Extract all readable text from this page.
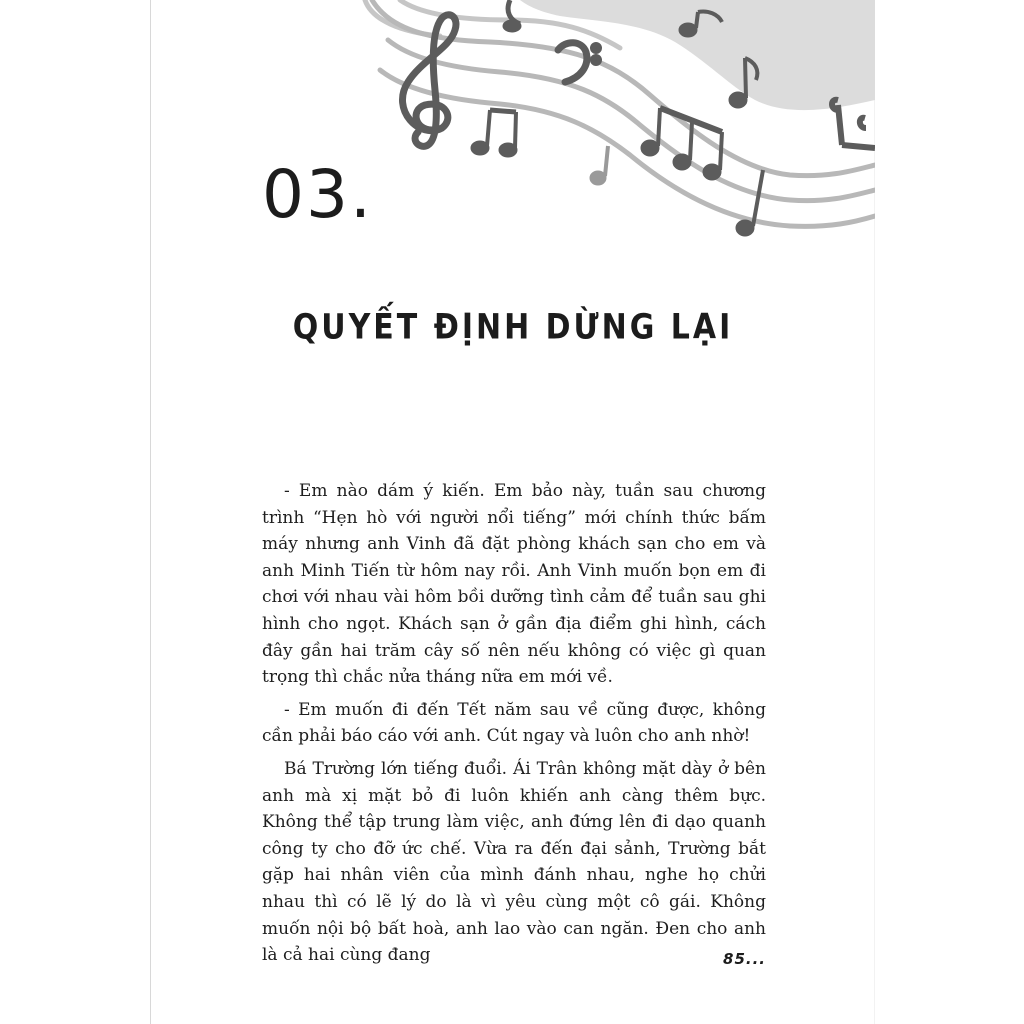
03.
QUYẾT ĐỊNH DỪNG LẠI

- Em nào dám ý kiến. Em bảo này, tuần sau chương trình “Hẹn hò với người nổi tiếng” mới chính thức bấm máy nhưng anh Vinh đã đặt phòng khách sạn cho em và anh Minh Tiến từ hôm nay rồi. Anh Vinh muốn bọn em đi chơi với nhau vài hôm bồi dưỡng tình cảm để tuần sau ghi hình cho ngọt. Khách sạn ở gần địa điểm ghi hình, cách đây gần hai trăm cây số nên nếu không có việc gì quan trọng thì chắc nửa tháng nữa em mới về.

- Em muốn đi đến Tết năm sau về cũng được, không cần phải báo cáo với anh. Cút ngay và luôn cho anh nhờ!

Bá Trường lớn tiếng đuổi. Ái Trân không mặt dày ở bên anh mà xị mặt bỏ đi luôn khiến anh càng thêm bực. Không thể tập trung làm việc, anh đứng lên đi dạo quanh công ty cho đỡ ức chế. Vừa ra đến đại sảnh, Trường bắt gặp hai nhân viên của mình đánh nhau, nghe họ chửi nhau thì có lẽ lý do là vì yêu cùng một cô gái. Không muốn nội bộ bất hoà, anh lao vào can ngăn. Đen cho anh là cả hai cùng đang	85...
